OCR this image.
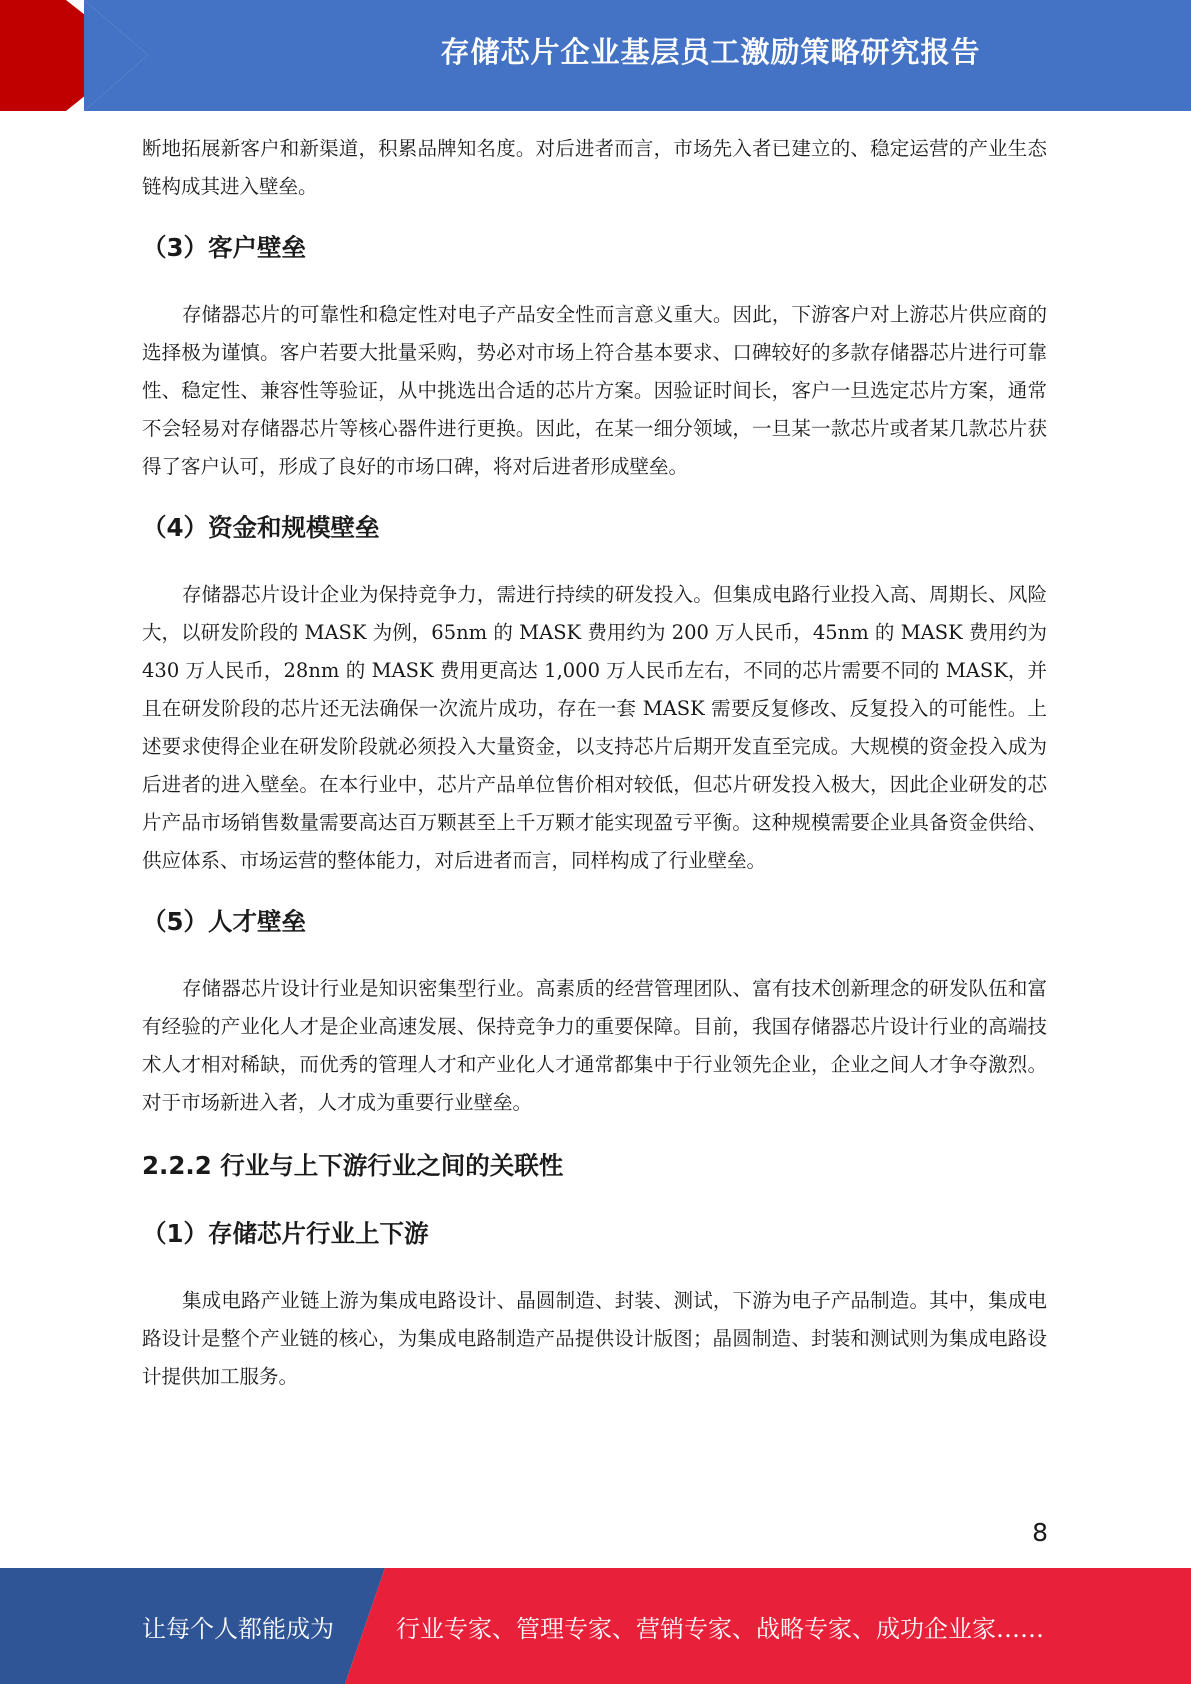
存储芯片企业基层员工激励策略研究报告

断地拓展新客户和新渠道，积累品牌知名度。对后进者而言，市场先入者已建立的、稳定运营的产业生态链构成其进入壁垒。

（3）客户壁垒

存储器芯片的可靠性和稳定性对电子产品安全性而言意义重大。因此，下游客户对上游芯片供应商的选择极为谨慎。客户若要大批量采购，势必对市场上符合基本要求、口碑较好的多款存储器芯片进行可靠性、稳定性、兼容性等验证，从中挑选出合适的芯片方案。因验证时间长，客户一旦选定芯片方案，通常不会轻易对存储器芯片等核心器件进行更换。因此，在某一细分领域，一旦某一款芯片或者某几款芯片获得了客户认可，形成了良好的市场口碑，将对后进者形成壁垒。

（4）资金和规模壁垒

存储器芯片设计企业为保持竞争力，需进行持续的研发投入。但集成电路行业投入高、周期长、风险大，以研发阶段的 MASK 为例，65nm 的 MASK 费用约为 200 万人民币，45nm 的 MASK 费用约为 430 万人民币，28nm 的 MASK 费用更高达 1,000 万人民币左右，不同的芯片需要不同的 MASK，并且在研发阶段的芯片还无法确保一次流片成功，存在一套 MASK 需要反复修改、反复投入的可能性。上述要求使得企业在研发阶段就必须投入大量资金，以支持芯片后期开发直至完成。大规模的资金投入成为后进者的进入壁垒。在本行业中，芯片产品单位售价相对较低，但芯片研发投入极大，因此企业研发的芯片产品市场销售数量需要高达百万颗甚至上千万颗才能实现盈亏平衡。这种规模需要企业具备资金供给、供应体系、市场运营的整体能力，对后进者而言，同样构成了行业壁垒。

（5）人才壁垒

存储器芯片设计行业是知识密集型行业。高素质的经营管理团队、富有技术创新理念的研发队伍和富有经验的产业化人才是企业高速发展、保持竞争力的重要保障。目前，我国存储器芯片设计行业的高端技术人才相对稀缺，而优秀的管理人才和产业化人才通常都集中于行业领先企业，企业之间人才争夺激烈。对于市场新进入者，人才成为重要行业壁垒。

2.2.2 行业与上下游行业之间的关联性
（1）存储芯片行业上下游

集成电路产业链上游为集成电路设计、晶圆制造、封装、测试，下游为电子产品制造。其中，集成电路设计是整个产业链的核心，为集成电路制造产品提供设计版图；晶圆制造、封装和测试则为集成电路设计提供加工服务。

8
让每个人都能成为	行业专家、管理专家、营销专家、战略专家、成功企业家……
